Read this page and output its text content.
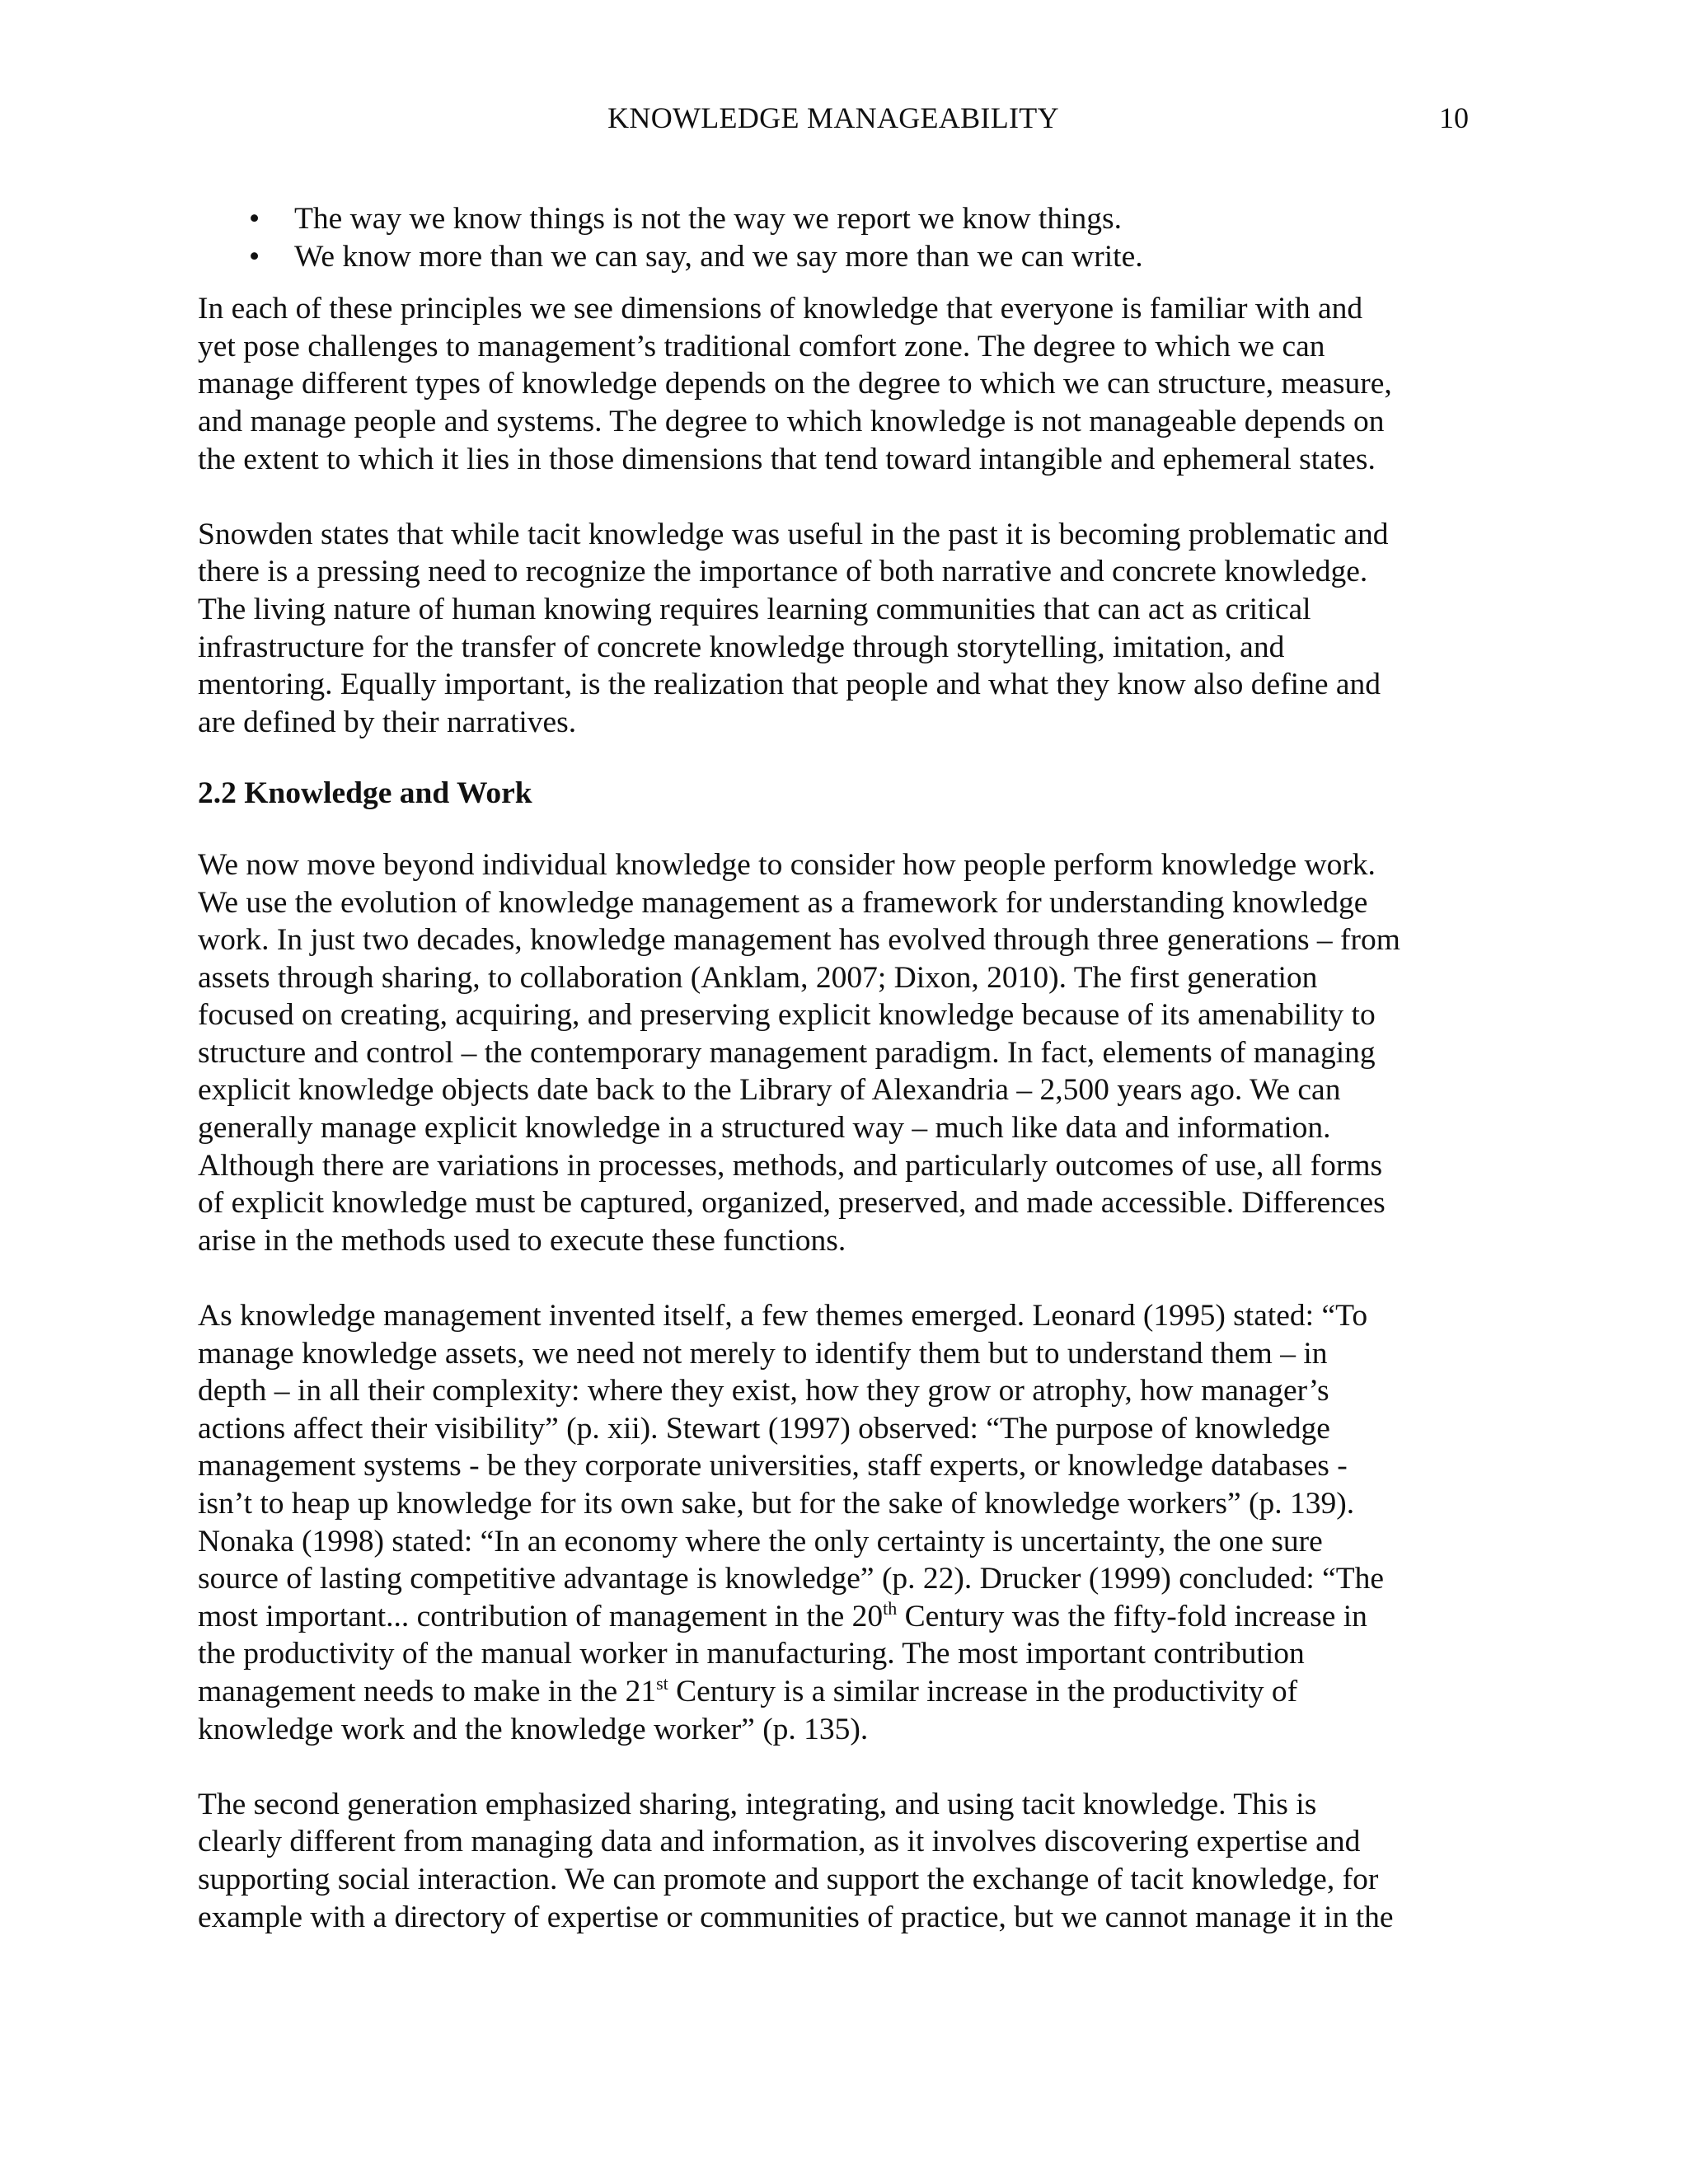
KNOWLEDGE MANAGEABILITY	10
• The way we know things is not the way we report we know things.
• We know more than we can say, and we say more than we can write.

In each of these principles we see dimensions of knowledge that everyone is familiar with and
yet pose challenges to management’s traditional comfort zone. The degree to which we can
manage different types of knowledge depends on the degree to which we can structure, measure,
and manage people and systems. The degree to which knowledge is not manageable depends on
the extent to which it lies in those dimensions that tend toward intangible and ephemeral states.

Snowden states that while tacit knowledge was useful in the past it is becoming problematic and
there is a pressing need to recognize the importance of both narrative and concrete knowledge.
The living nature of human knowing requires learning communities that can act as critical
infrastructure for the transfer of concrete knowledge through storytelling, imitation, and
mentoring. Equally important, is the realization that people and what they know also define and
are defined by their narratives.

2.2 Knowledge and Work

We now move beyond individual knowledge to consider how people perform knowledge work.
We use the evolution of knowledge management as a framework for understanding knowledge
work. In just two decades, knowledge management has evolved through three generations – from
assets through sharing, to collaboration (Anklam, 2007; Dixon, 2010). The first generation
focused on creating, acquiring, and preserving explicit knowledge because of its amenability to
structure and control – the contemporary management paradigm. In fact, elements of managing
explicit knowledge objects date back to the Library of Alexandria – 2,500 years ago. We can
generally manage explicit knowledge in a structured way – much like data and information.
Although there are variations in processes, methods, and particularly outcomes of use, all forms
of explicit knowledge must be captured, organized, preserved, and made accessible. Differences
arise in the methods used to execute these functions.

As knowledge management invented itself, a few themes emerged. Leonard (1995) stated: “To
manage knowledge assets, we need not merely to identify them but to understand them – in
depth – in all their complexity: where they exist, how they grow or atrophy, how manager’s
actions affect their visibility” (p. xii). Stewart (1997) observed: “The purpose of knowledge
management systems - be they corporate universities, staff experts, or knowledge databases -
isn’t to heap up knowledge for its own sake, but for the sake of knowledge workers” (p. 139).
Nonaka (1998) stated: “In an economy where the only certainty is uncertainty, the one sure
source of lasting competitive advantage is knowledge” (p. 22). Drucker (1999) concluded: “The
most important... contribution of management in the 20th Century was the fifty-fold increase in
the productivity of the manual worker in manufacturing. The most important contribution
management needs to make in the 21st Century is a similar increase in the productivity of
knowledge work and the knowledge worker” (p. 135).

The second generation emphasized sharing, integrating, and using tacit knowledge. This is
clearly different from managing data and information, as it involves discovering expertise and
supporting social interaction. We can promote and support the exchange of tacit knowledge, for
example with a directory of expertise or communities of practice, but we cannot manage it in the
